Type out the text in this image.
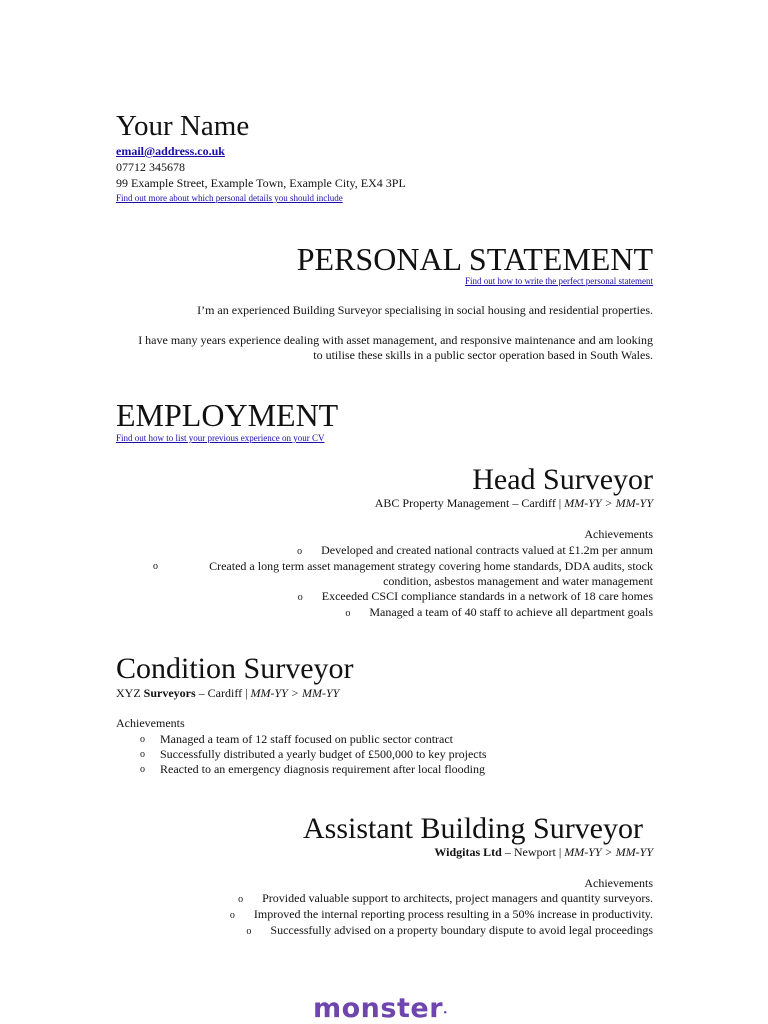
Your Name
email@address.co.uk
07712 345678
99 Example Street, Example Town, Example City, EX4 3PL
Find out more about which personal details you should include
PERSONAL STATEMENT
Find out how to write the perfect personal statement

I’m an experienced Building Surveyor specialising in social housing and residential properties.

I have many years experience dealing with asset management, and responsive maintenance and am looking to utilise these skills in a public sector operation based in South Wales.

EMPLOYMENT
Find out how to list your previous experience on your CV
Head Surveyor
ABC Property Management – Cardiff | MM-YY > MM-YY
Achievements
o Developed and created national contracts valued at £1.2m per annum
o	Created a long term asset management strategy covering home standards, DDA audits, stock condition, asbestos management and water management
o Exceeded CSCI compliance standards in a network of 18 care homes
o Managed a team of 40 staff to achieve all department goals
Condition Surveyor
XYZ Surveyors – Cardiff | MM-YY > MM-YY
Achievements
o Managed a team of 12 staff focused on public sector contract
o Successfully distributed a yearly budget of £500,000 to key projects
o Reacted to an emergency diagnosis requirement after local flooding
Assistant Building Surveyor
Widgitas Ltd – Newport | MM-YY > MM-YY
Achievements
o Provided valuable support to architects, project managers and quantity surveyors.
o Improved the internal reporting process resulting in a 50% increase in productivity.
o Successfully advised on a property boundary dispute to avoid legal proceedings
monster•
